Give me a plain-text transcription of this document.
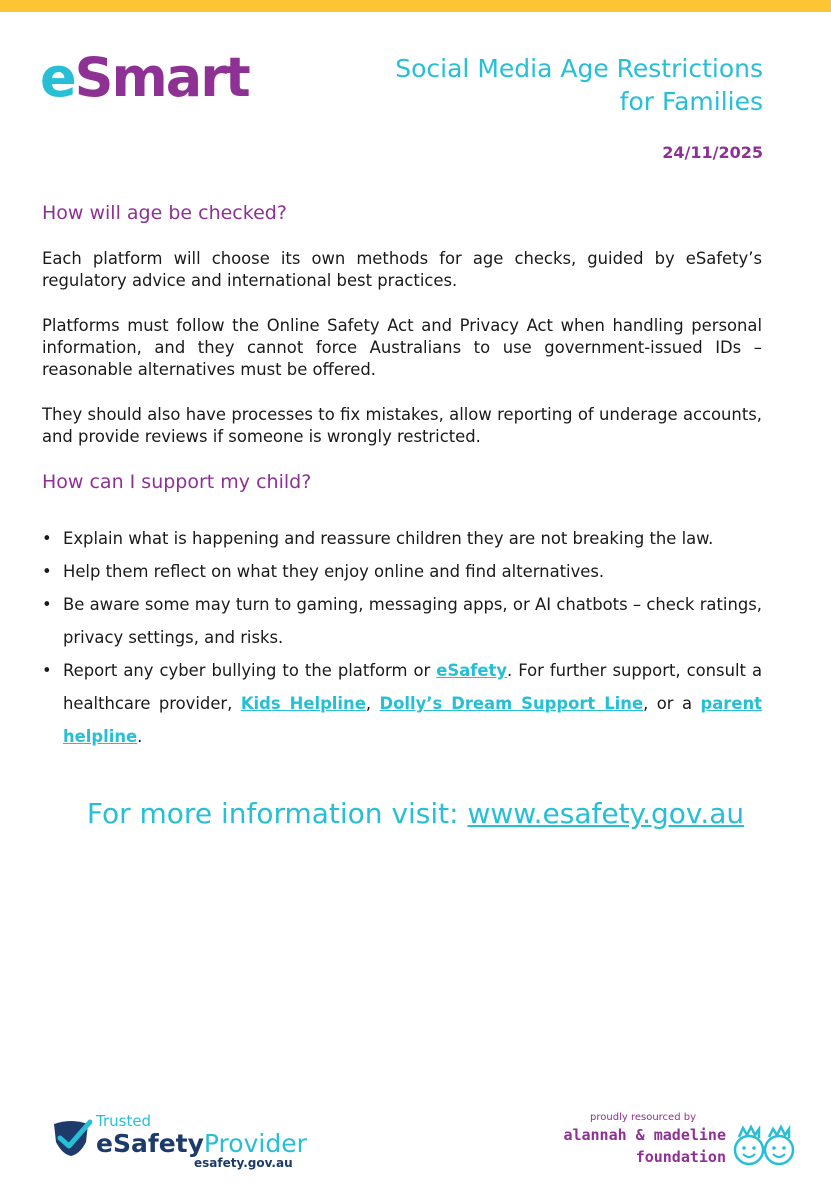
eSmart	Social Media Age Restrictions
for Families
24/11/2025
How will age be checked?

Each platform will choose its own methods for age checks, guided by eSafety’s regulatory advice and international best practices.

Platforms must follow the Online Safety Act and Privacy Act when handling personal information, and they cannot force Australians to use government-issued IDs – reasonable alternatives must be offered.

They should also have processes to fix mistakes, allow reporting of underage accounts, and provide reviews if someone is wrongly restricted.

How can I support my child?
• Explain what is happening and reassure children they are not breaking the law.
• Help them reflect on what they enjoy online and find alternatives.
• Be aware some may turn to gaming, messaging apps, or AI chatbots – check ratings, privacy settings, and risks.
• Report any cyber bullying to the platform or eSafety. For further support, consult a healthcare provider, Kids Helpline, Dolly’s Dream Support Line, or a parent helpline.
For more information visit: www.esafety.gov.au
Trusted
eSafetyProvider
esafety.gov.au
proudly resourced by
alannah & madeline
foundation
